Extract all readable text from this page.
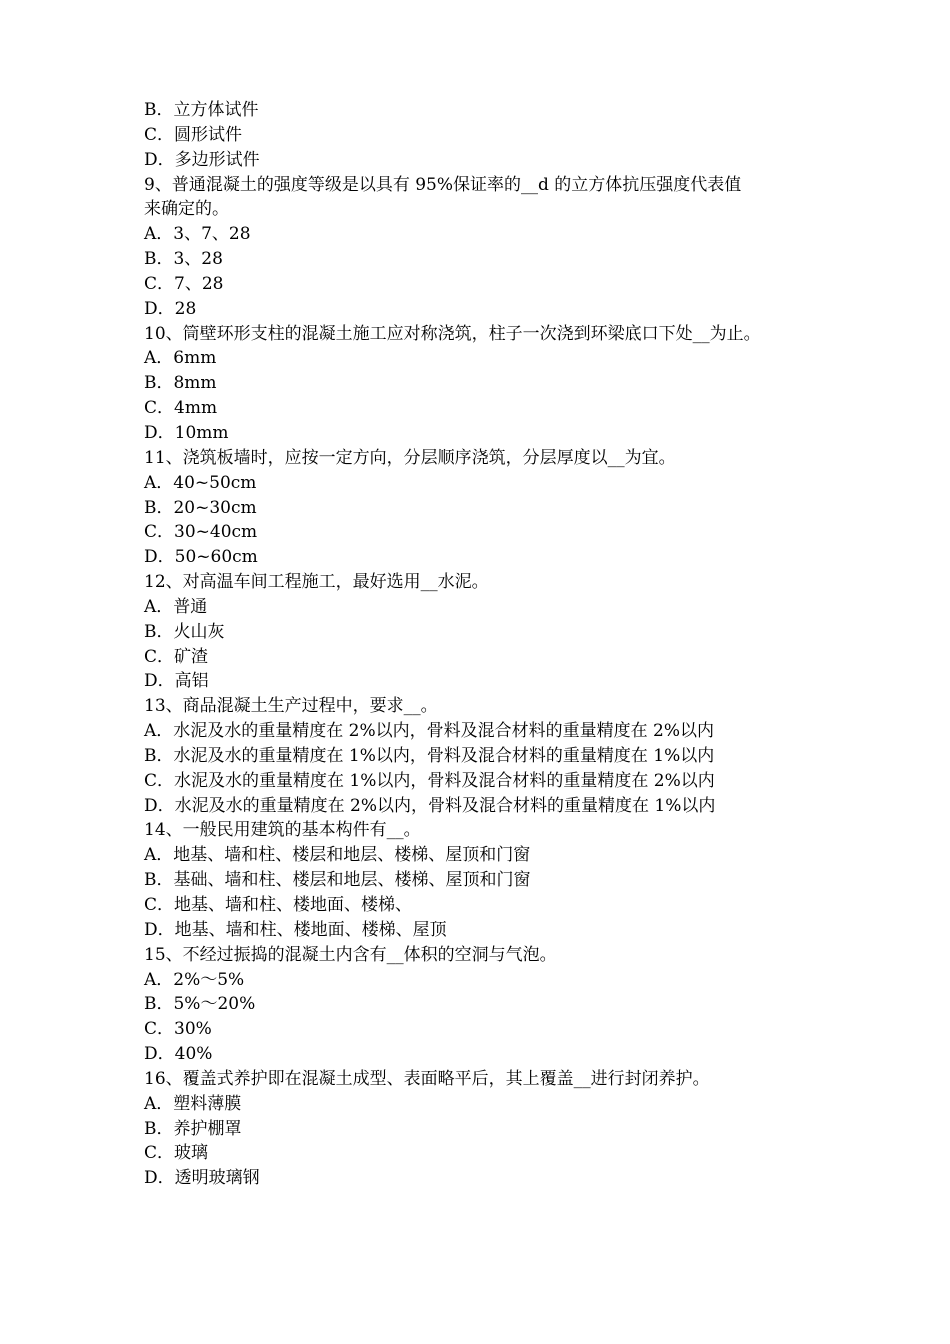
B．立方体试件
C．圆形试件
D．多边形试件
9、普通混凝土的强度等级是以具有 95%保证率的__d 的立方体抗压强度代表值
来确定的。
A．3、7、28
B．3、28
C．7、28
D．28
10、筒壁环形支柱的混凝土施工应对称浇筑，柱子一次浇到环梁底口下处__为止。
A．6mm
B．8mm
C．4mm
D．10mm
11、浇筑板墙时，应按一定方向，分层顺序浇筑，分层厚度以__为宜。
A．40~50cm
B．20~30cm
C．30~40cm
D．50~60cm
12、对高温车间工程施工，最好选用__水泥。
A．普通
B．火山灰
C．矿渣
D．高铝
13、商品混凝土生产过程中，要求__。
A．水泥及水的重量精度在 2%以内，骨料及混合材料的重量精度在 2%以内
B．水泥及水的重量精度在 1%以内，骨料及混合材料的重量精度在 1%以内
C．水泥及水的重量精度在 1%以内，骨料及混合材料的重量精度在 2%以内
D．水泥及水的重量精度在 2%以内，骨料及混合材料的重量精度在 1%以内
14、一般民用建筑的基本构件有__。
A．地基、墙和柱、楼层和地层、楼梯、屋顶和门窗
B．基础、墙和柱、楼层和地层、楼梯、屋顶和门窗
C．地基、墙和柱、楼地面、楼梯、
D．地基、墙和柱、楼地面、楼梯、屋顶
15、不经过振捣的混凝土内含有__体积的空洞与气泡。
A．2%～5%
B．5%～20%
C．30%
D．40%
16、覆盖式养护即在混凝土成型、表面略平后，其上覆盖__进行封闭养护。
A．塑料薄膜
B．养护棚罩
C．玻璃
D．透明玻璃钢
